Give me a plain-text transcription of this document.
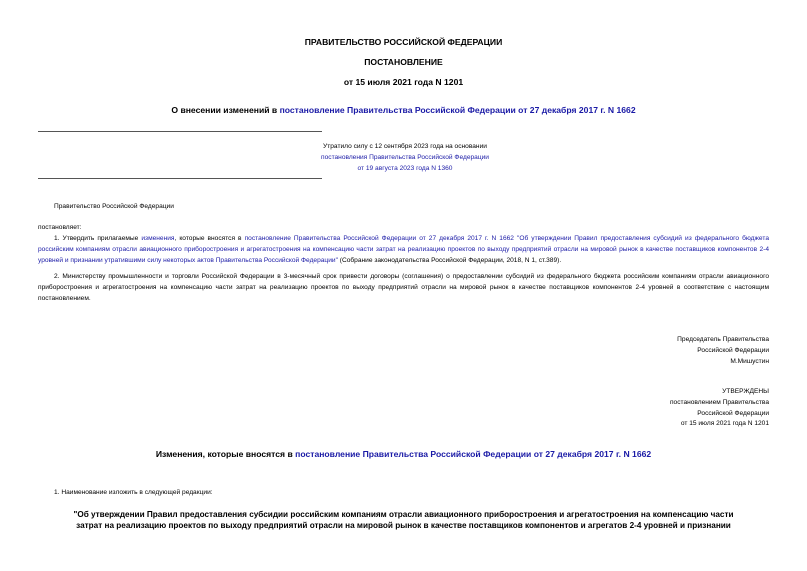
ПРАВИТЕЛЬСТВО РОССИЙСКОЙ ФЕДЕРАЦИИ
ПОСТАНОВЛЕНИЕ
от 15 июля 2021 года N 1201
О внесении изменений в постановление Правительства Российской Федерации от 27 декабря 2017 г. N 1662
Утратило силу с 12 сентября 2023 года на основании
постановления Правительства Российской Федерации
от 19 августа 2023 года N 1360
Правительство Российской Федерации
постановляет:
1. Утвердить прилагаемые изменения, которые вносятся в постановление Правительства Российской Федерации от 27 декабря 2017 г. N 1662 "Об утверждении Правил предоставления субсидий из федерального бюджета российским компаниям отрасли авиационного приборостроения и агрегатостроения на компенсацию части затрат на реализацию проектов по выходу предприятий отрасли на мировой рынок в качестве поставщиков компонентов 2-4 уровней и признании утратившими силу некоторых актов Правительства Российской Федерации" (Собрание законодательства Российской Федерации, 2018, N 1, ст.389).
2. Министерству промышленности и торговли Российской Федерации в 3-месячный срок привести договоры (соглашения) о предоставлении субсидий из федерального бюджета российским компаниям отрасли авиационного приборостроения и агрегатостроения на компенсацию части затрат на реализацию проектов по выходу предприятий отрасли на мировой рынок в качестве поставщиков компонентов 2-4 уровней в соответствие с настоящим постановлением.
Председатель Правительства
Российской Федерации
М.Мишустин
УТВЕРЖДЕНЫ
постановлением Правительства
Российской Федерации
от 15 июля 2021 года N 1201
Изменения, которые вносятся в постановление Правительства Российской Федерации от 27 декабря 2017 г. N 1662
1. Наименование изложить в следующей редакции:
"Об утверждении Правил предоставления субсидии российским компаниям отрасли авиационного приборостроения и агрегатостроения на компенсацию части
затрат на реализацию проектов по выходу предприятий отрасли на мировой рынок в качестве поставщиков компонентов и агрегатов 2-4 уровней и признании
